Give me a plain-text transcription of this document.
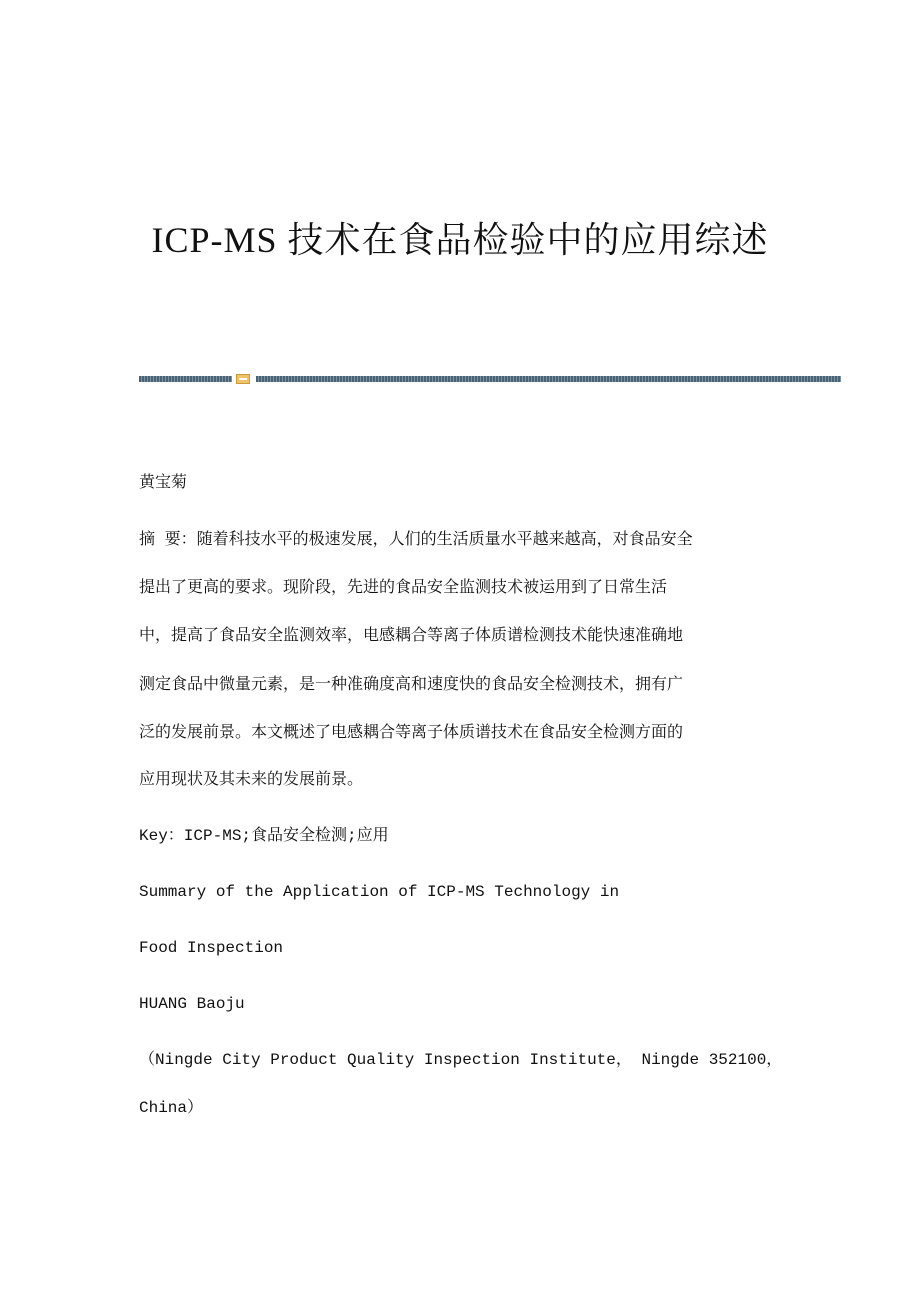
ICP-MS 技术在食品检验中的应用综述

黄宝菊

摘 要：随着科技水平的极速发展，人们的生活质量水平越来越高，对食品安全

提出了更高的要求。现阶段，先进的食品安全监测技术被运用到了日常生活

中，提高了食品安全监测效率，电感耦合等离子体质谱检测技术能快速准确地

测定食品中微量元素，是一种准确度高和速度快的食品安全检测技术，拥有广

泛的发展前景。本文概述了电感耦合等离子体质谱技术在食品安全检测方面的

应用现状及其未来的发展前景。

Key：ICP-MS;食品安全检测;应用

Summary of the Application of ICP-MS Technology in

Food Inspection

HUANG Baoju

（Ningde City Product Quality Inspection Institute， Ningde 352100，

China）
